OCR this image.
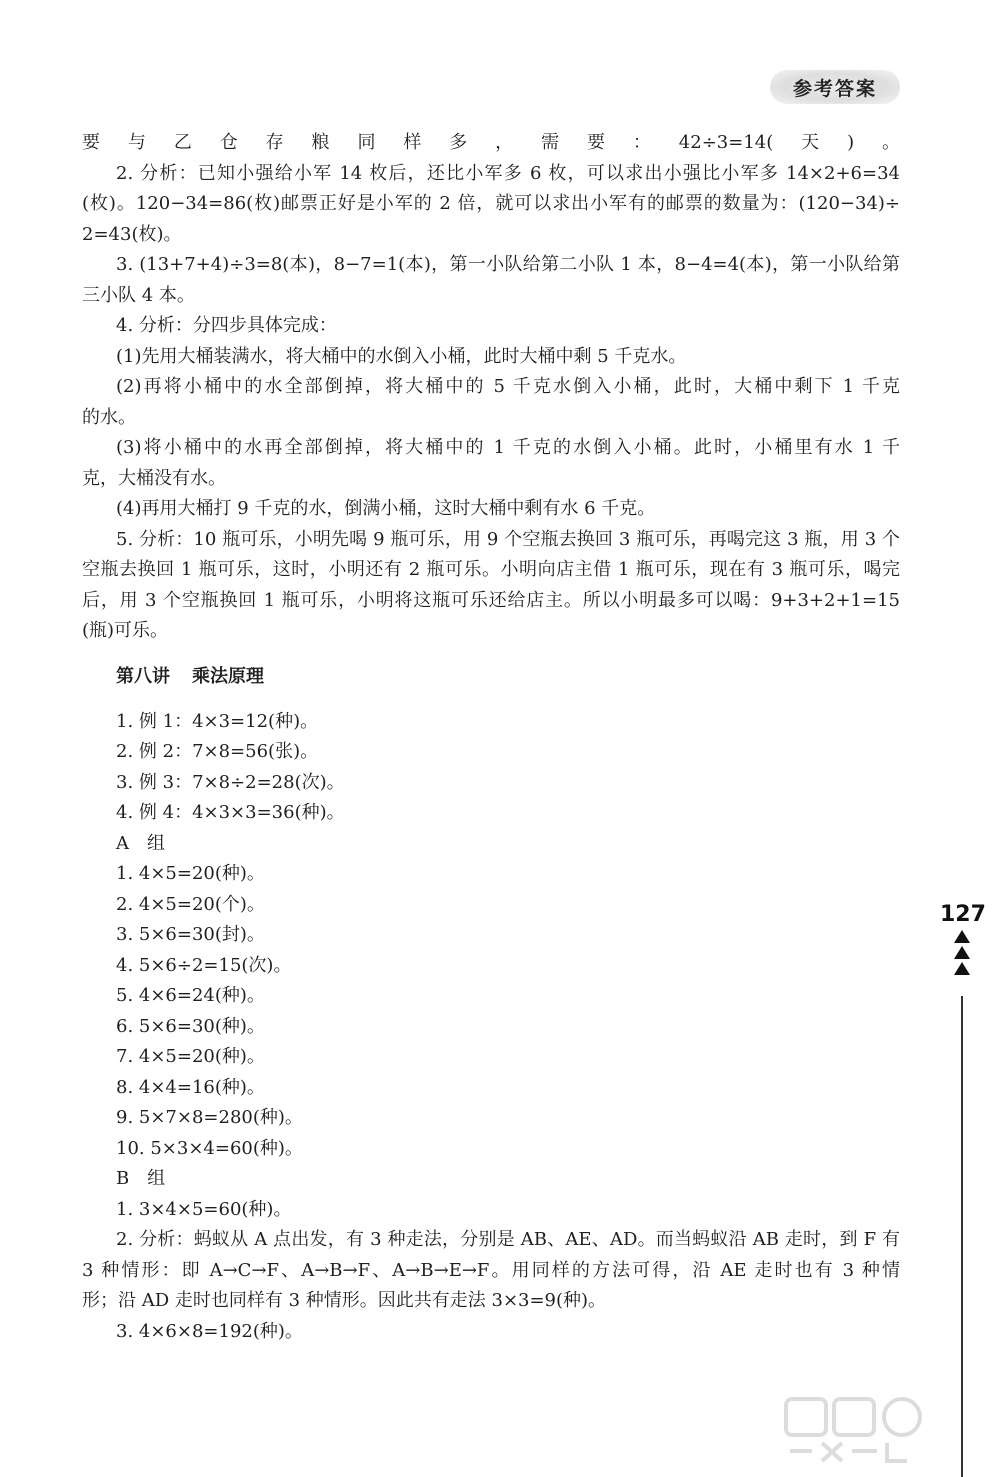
参考答案
要与乙仓存粮同样多，需要：42÷3=14(天)。
2. 分析：已知小强给小军 14 枚后，还比小军多 6 枚，可以求出小强比小军多 14×2+6=34
(枚)。120−34=86(枚)邮票正好是小军的 2 倍，就可以求出小军有的邮票的数量为：(120−34)÷
2=43(枚)。
3. (13+7+4)÷3=8(本)，8−7=1(本)，第一小队给第二小队 1 本，8−4=4(本)，第一小队给第
三小队 4 本。
4. 分析：分四步具体完成：
(1)先用大桶装满水，将大桶中的水倒入小桶，此时大桶中剩 5 千克水。
(2)再将小桶中的水全部倒掉，将大桶中的 5 千克水倒入小桶，此时，大桶中剩下 1 千克
的水。
(3)将小桶中的水再全部倒掉，将大桶中的 1 千克的水倒入小桶。此时，小桶里有水 1 千
克，大桶没有水。
(4)再用大桶打 9 千克的水，倒满小桶，这时大桶中剩有水 6 千克。
5. 分析：10 瓶可乐，小明先喝 9 瓶可乐，用 9 个空瓶去换回 3 瓶可乐，再喝完这 3 瓶，用 3 个
空瓶去换回 1 瓶可乐，这时，小明还有 2 瓶可乐。小明向店主借 1 瓶可乐，现在有 3 瓶可乐，喝完
后，用 3 个空瓶换回 1 瓶可乐，小明将这瓶可乐还给店主。所以小明最多可以喝：9+3+2+1=15
(瓶)可乐。
第八讲 乘法原理
1. 例 1：4×3=12(种)。
2. 例 2：7×8=56(张)。
3. 例 3：7×8÷2=28(次)。
4. 例 4：4×3×3=36(种)。
A　组
1. 4×5=20(种)。
2. 4×5=20(个)。
3. 5×6=30(封)。
4. 5×6÷2=15(次)。
5. 4×6=24(种)。
6. 5×6=30(种)。
7. 4×5=20(种)。
8. 4×4=16(种)。
9. 5×7×8=280(种)。
10. 5×3×4=60(种)。
B　组
1. 3×4×5=60(种)。
2. 分析：蚂蚁从 A 点出发，有 3 种走法，分别是 AB、AE、AD。而当蚂蚁沿 AB 走时，到 F 有
3 种情形：即 A→C→F、A→B→F、A→B→E→F。用同样的方法可得，沿 AE 走时也有 3 种情
形；沿 AD 走时也同样有 3 种情形。因此共有走法 3×3=9(种)。
3. 4×6×8=192(种)。
127
